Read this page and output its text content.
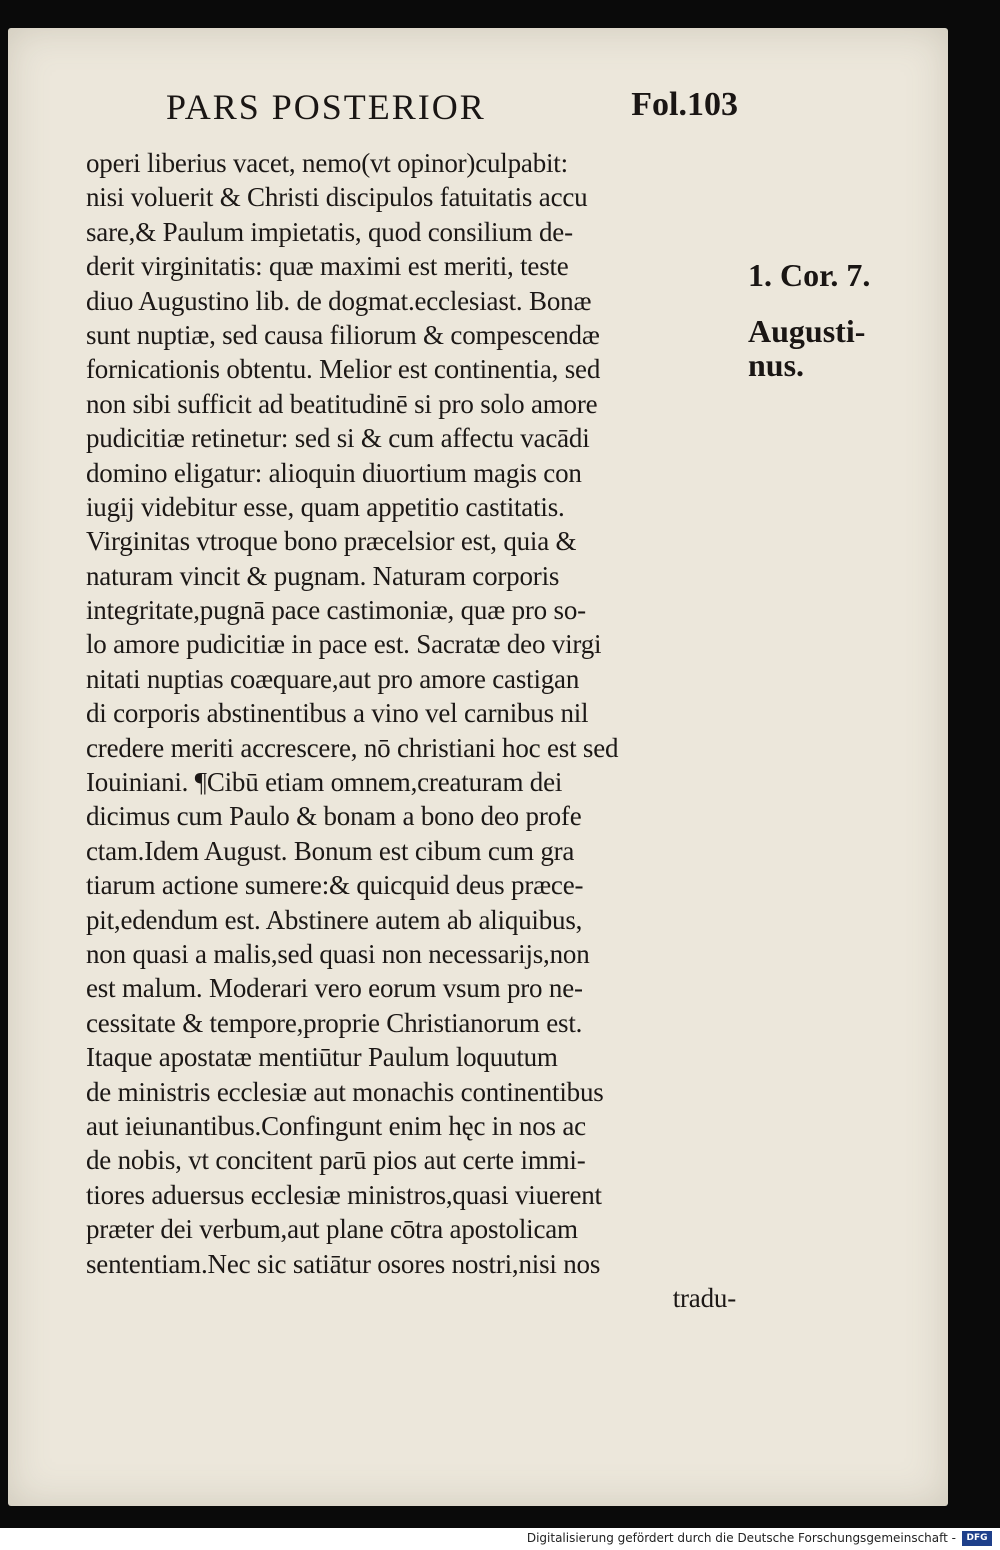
PARS POSTERIOR	Fol.103
operi liberius vacet, nemo(vt opinor)culpabit:
nisi voluerit & Christi discipulos fatuitatis accu
sare,& Paulum impietatis, quod consilium de-
derit virginitatis: quæ maximi est meriti, teste
diuo Augustino lib. de dogmat.ecclesiast. Bonæ
sunt nuptiæ, sed causa filiorum & compescendæ
fornicationis obtentu. Melior est continentia, sed
non sibi sufficit ad beatitudinē si pro solo amore
pudicitiæ retinetur: sed si & cum affectu vacādi
domino eligatur: alioquin diuortium magis con
iugij videbitur esse, quam appetitio castitatis.
Virginitas vtroque bono præcelsior est, quia &
naturam vincit & pugnam. Naturam corporis
integritate,pugnā pace castimoniæ, quæ pro so-
lo amore pudicitiæ in pace est. Sacratæ deo virgi
nitati nuptias coæquare,aut pro amore castigan
di corporis abstinentibus a vino vel carnibus nil
credere meriti accrescere, nō christiani hoc est sed
Iouiniani. ¶Cibū etiam omnem,creaturam dei
dicimus cum Paulo & bonam a bono deo profe
ctam.Idem August. Bonum est cibum cum gra
tiarum actione sumere:& quicquid deus præce-
pit,edendum est. Abstinere autem ab aliquibus,
non quasi a malis,sed quasi non necessarijs,non
est malum. Moderari vero eorum vsum pro ne-
cessitate & tempore,proprie Christianorum est.
Itaque apostatæ mentiūtur Paulum loquutum
de ministris ecclesiæ aut monachis continentibus
aut ieiunantibus.Confingunt enim hęc in nos ac
de nobis, vt concitent parū pios aut certe immi-
tiores aduersus ecclesiæ ministros,quasi viuerent
præter dei verbum,aut plane cōtra apostolicam
sententiam.Nec sic satiātur osores nostri,nisi nos
tradu-
1. Cor. 7.
Augusti-
nus.
Digitalisierung gefördert durch die Deutsche Forschungsgemeinschaft -	DFG
